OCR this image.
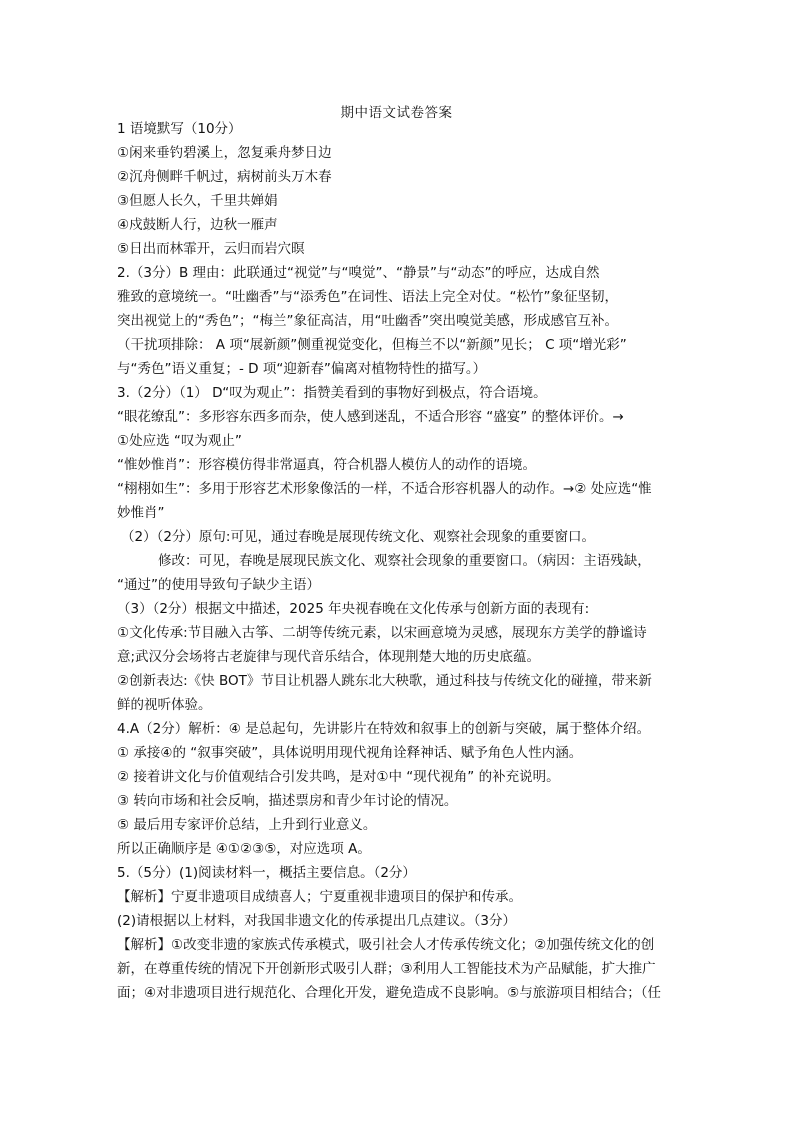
期中语文试卷答案
1 语境默写（10分）
①闲来垂钓碧溪上，忽复乘舟梦日边
②沉舟侧畔千帆过，病树前头万木春
③但愿人长久，千里共婵娟
④戍鼓断人行，边秋一雁声
⑤日出而林霏开，云归而岩穴暝
2.（3分）B 理由：此联通过“视觉”与“嗅觉”、“静景”与“动态”的呼应，达成自然
雅致的意境统一。“吐幽香”与“添秀色”在词性、语法上完全对仗。“松竹”象征坚韧，
突出视觉上的“秀色”；“梅兰”象征高洁，用“吐幽香”突出嗅觉美感，形成感官互补。
（干扰项排除： A 项“展新颜”侧重视觉变化，但梅兰不以“新颜”见长； C 项“增光彩”
与“秀色”语义重复；- D 项“迎新春”偏离对植物特性的描写。）
3.（2分）（1） D“叹为观止”：指赞美看到的事物好到极点，符合语境。
“眼花缭乱”：多形容东西多而杂，使人感到迷乱，不适合形容 “盛宴” 的整体评价。→
①处应选 “叹为观止”
“惟妙惟肖”：形容模仿得非常逼真，符合机器人模仿人的动作的语境。
“栩栩如生”：多用于形容艺术形象像活的一样，不适合形容机器人的动作。→② 处应选“惟
妙惟肖”
（2）（2分）原句:可见，通过春晚是展现传统文化、观察社会现象的重要窗口。
修改：可见，春晚是展现民族文化、观察社会现象的重要窗口。（病因：主语残缺，
“通过”的使用导致句子缺少主语）
（3）（2分）根据文中描述，2025 年央视春晚在文化传承与创新方面的表现有:
①文化传承:节目融入古筝、二胡等传统元素，以宋画意境为灵感，展现东方美学的静谧诗
意;武汉分会场将古老旋律与现代音乐结合，体现荆楚大地的历史底蕴。
②创新表达:《快 BOT》节目让机器人跳东北大秧歌，通过科技与传统文化的碰撞，带来新
鲜的视听体验。
4.A（2分）解析：④ 是总起句，先讲影片在特效和叙事上的创新与突破，属于整体介绍。
① 承接④的 “叙事突破”，具体说明用现代视角诠释神话、赋予角色人性内涵。
② 接着讲文化与价值观结合引发共鸣，是对①中 “现代视角” 的补充说明。
③ 转向市场和社会反响，描述票房和青少年讨论的情况。
⑤ 最后用专家评价总结，上升到行业意义。
所以正确顺序是 ④①②③⑤，对应选项 A。
5.（5分）(1)阅读材料一，概括主要信息。（2分）
【解析】宁夏非遗项目成绩喜人；宁夏重视非遗项目的保护和传承。
(2)请根据以上材料，对我国非遗文化的传承提出几点建议。（3分）
【解析】①改变非遗的家族式传承模式，吸引社会人才传承传统文化；②加强传统文化的创
新，在尊重传统的情况下开创新形式吸引人群；③利用人工智能技术为产品赋能，扩大推广
面；④对非遗项目进行规范化、合理化开发，避免造成不良影响。⑤与旅游项目相结合；（任
